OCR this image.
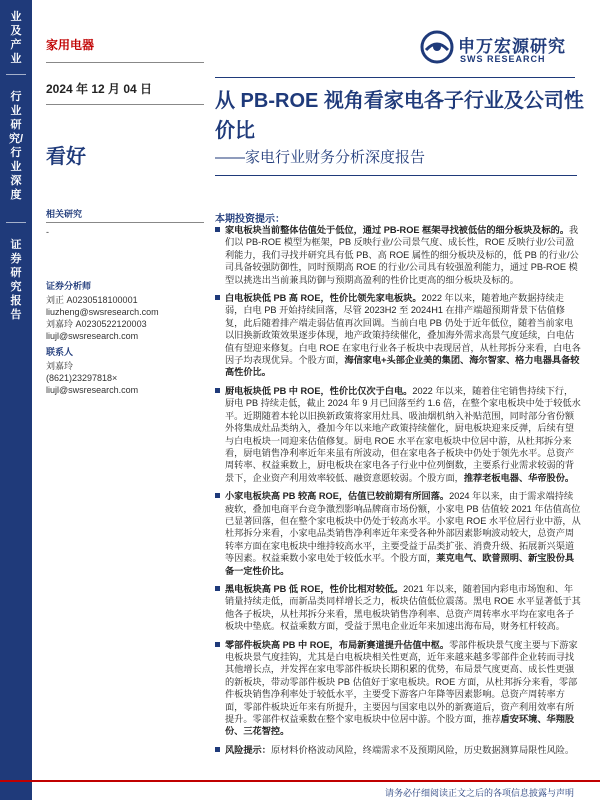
业及产业
行业研究/行业深度
证券研究报告
家用电器
2024 年 12 月 04 日
看好
申万宏源研究
SWS RESEARCH
从 PB-ROE 视角看家电各子行业及公司性价比
——家电行业财务分析深度报告
相关研究
-
证券分析师
刘正 A0230518100001
liuzheng@swsresearch.com
刘嘉玲 A0230522120003
liujl@swsresearch.com
联系人
刘嘉玲
(8621)23297818×
liujl@swsresearch.com
本期投资提示：
家电板块当前整体估值处于低位，通过 PB-ROE 框架寻找被低估的细分板块及标的。我们以 PB-ROE 模型为框架，PB 反映行业/公司景气度、成长性，ROE 反映行业/公司盈利能力，我们寻找并研究具有低 PB、高 ROE 属性的细分板块及标的，低 PB 的行业/公司具备较强防御性，同时预期高 ROE 的行业/公司具有较强盈利能力，通过 PB-ROE 模型以挑选出当前兼具防御与预期高盈利的性价比更高的细分板块及标的。
白电板块低 PB 高 ROE，性价比领先家电板块。2022 年以来，随着地产数据持续走弱，白电 PB 开始持续回落，尽管 2023H2 至 2024H1 在排产端超预期背景下估值修复，此后随着排产端走弱估值再次回调。当前白电 PB 仍处于近年低位，随着当前家电以旧换新政策效果逐步体现，地产政策持续催化，叠加海外需求高景气度延续，白电估值有望迎来修复。白电 ROE 在家电行业各子板块中表现居首，从杜邦拆分来看，白电各因子均表现优异。个股方面，海信家电+头部企业美的集团、海尔智家、格力电器具备较高性价比。
厨电板块低 PB 中 ROE，性价比仅次于白电。2022 年以来，随着住宅销售持续下行，厨电 PB 持续走低，截止 2024 年 9 月已回落至约 1.6 倍，在整个家电板块中处于较低水平。近期随着本轮以旧换新政策将家用灶具、吸油烟机纳入补贴范围，同时部分省份额外将集成灶品类纳入，叠加今年以来地产政策持续催化，厨电板块迎来反弹，后续有望与白电板块一同迎来估值修复。厨电 ROE 水平在家电板块中位居中游，从杜邦拆分来看，厨电销售净利率近年来虽有所波动，但在家电各子板块中仍处于领先水平。总资产周转率、权益乘数上，厨电板块在家电各子行业中位列倒数，主要系行业需求较弱的背景下，企业资产利用效率较低、融资意愿较弱。个股方面，推荐老板电器、华帝股份。
小家电板块高 PB 较高 ROE，估值已较前期有所回落。2024 年以来，由于需求端持续疲软，叠加电商平台竞争激烈影响品牌商市场份额，小家电 PB 估值较 2021 年估值高位已显著回落，但在整个家电板块中仍处于较高水平。小家电 ROE 水平位居行业中游，从杜邦拆分来看，小家电品类销售净利率近年来受各种外部因素影响波动较大，总资产周转率方面在家电板块中维持较高水平，主要受益于品类扩张、消费升级、拓展新兴渠道等因素。权益乘数小家电处于较低水平。个股方面，莱克电气、欧普照明、新宝股份具备一定性价比。
黑电板块高 PB 低 ROE，性价比相对较低。2021 年以来，随着国内彩电市场饱和、年销量持续走低，而新品类同样增长乏力，板块估值低位震荡。黑电 ROE 水平显著低于其他各子板块，从杜邦拆分来看，黑电板块销售净利率、总资产周转率水平均在家电各子板块中垫底。权益乘数方面，受益于黑电企业近年来加速出海布局，财务杠杆较高。
零部件板块高 PB 中 ROE，布局新赛道提升估值中枢。零部件板块景气度主要与下游家电板块景气度挂钩，尤其是白电板块相关性更高，近年来越来越多零部件企业转而寻找其他增长点，并发挥在家电零部件板块长期积累的优势，布局景气度更高、成长性更强的新板块，带动零部件板块 PB 估值好于家电板块。ROE 方面，从杜邦拆分来看，零部件板块销售净利率处于较低水平，主要受下游客户年降等因素影响。总资产周转率方面，零部件板块近年来有所提升，主要因与国家电以外的新赛道后，资产利用效率有所提升。零部件权益乘数在整个家电板块中位居中游。个股方面，推荐盾安环境、华翔股份、三花智控。
风险提示：原材料价格波动风险，终端需求不及预期风险，历史数据测算局限性风险。
请务必仔细阅读正文之后的各项信息披露与声明
